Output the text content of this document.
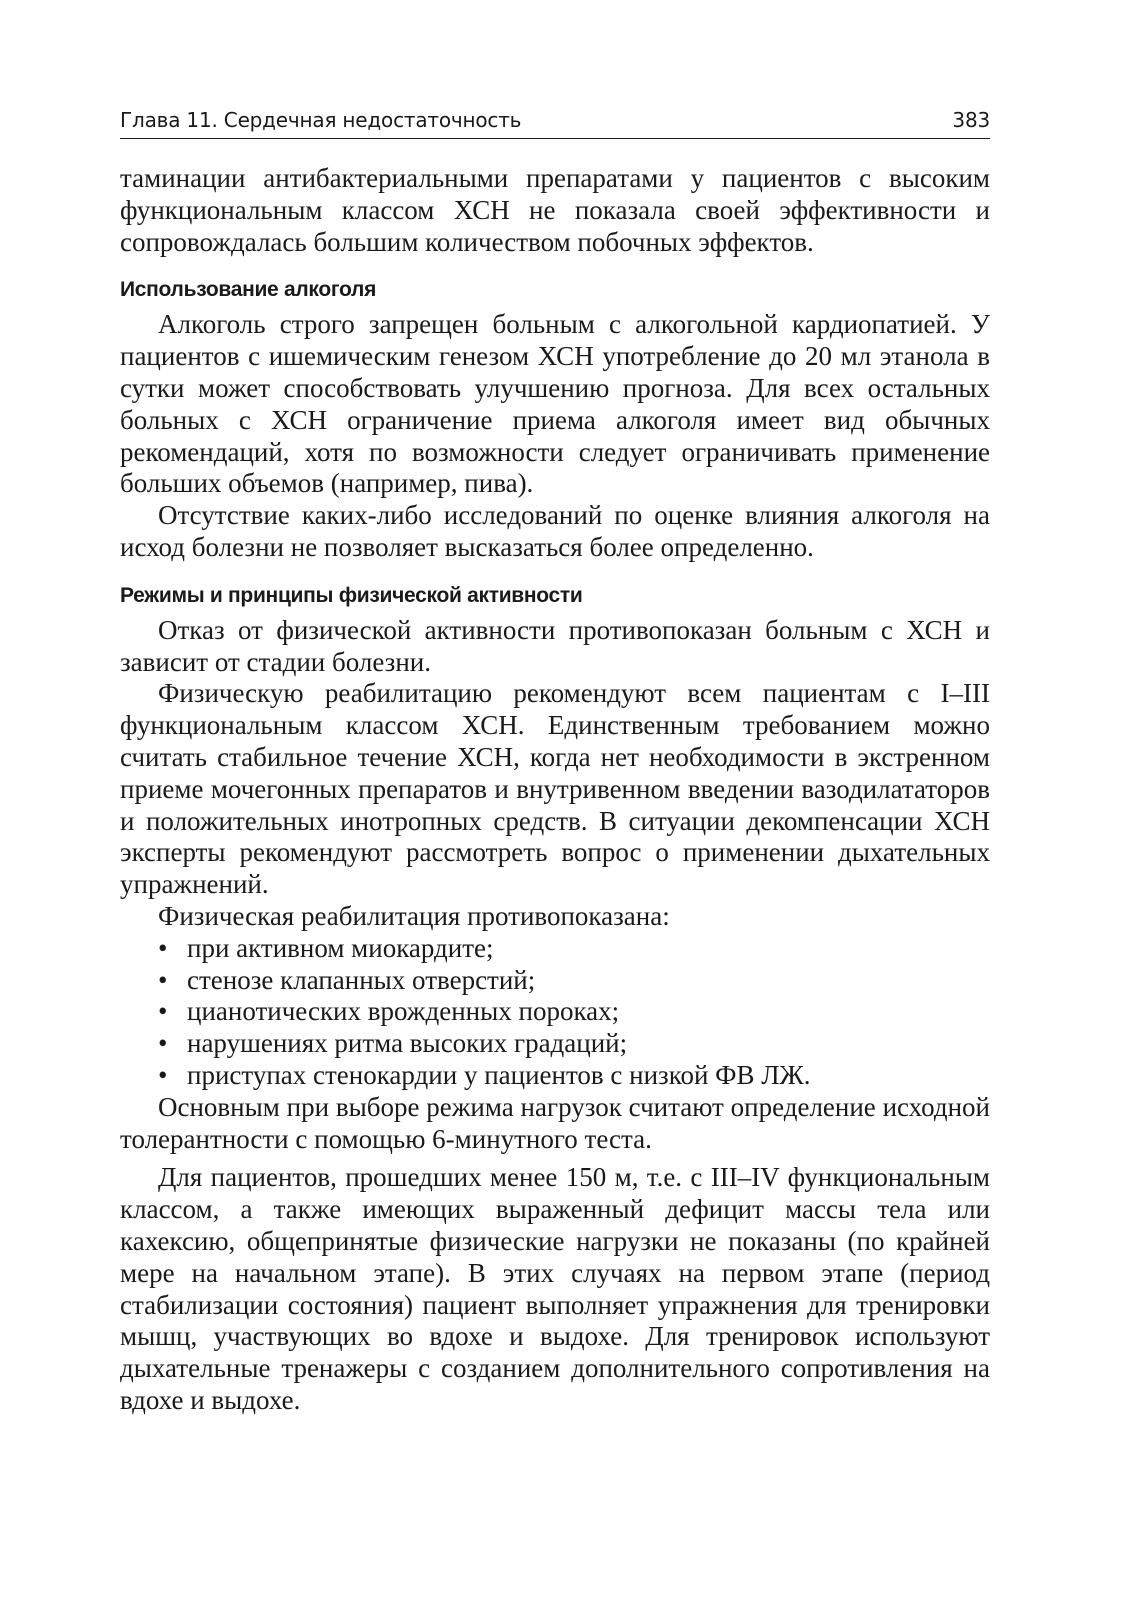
Глава 11. Сердечная недостаточность	383

таминации антибактериальными препаратами у пациентов с высоким функциональным классом ХСН не показала своей эффективности и сопровождалась большим количеством побочных эффектов.

Использование алкоголя

Алкоголь строго запрещен больным с алкогольной кардиопатией. У пациентов с ишемическим генезом ХСН употребление до 20 мл этанола в сутки может способствовать улучшению прогноза. Для всех остальных больных с ХСН ограничение приема алкоголя имеет вид обычных рекомендаций, хотя по возможности следует ограничивать применение больших объемов (например, пива).

Отсутствие каких-либо исследований по оценке влияния алкоголя на исход болезни не позволяет высказаться более определенно.

Режимы и принципы физической активности

Отказ от физической активности противопоказан больным с ХСН и зависит от стадии болезни.

Физическую реабилитацию рекомендуют всем пациентам с I–III функциональным классом ХСН. Единственным требованием можно считать стабильное течение ХСН, когда нет необходимости в экстренном приеме мочегонных препаратов и внутривенном введении вазодилататоров и положительных инотропных средств. В ситуации декомпенсации ХСН эксперты рекомендуют рассмотреть вопрос о применении дыхательных упражнений.

Физическая реабилитация противопоказана:

• при активном миокардите;
• стенозе клапанных отверстий;
• цианотических врожденных пороках;
• нарушениях ритма высоких градаций;
• приступах стенокардии у пациентов с низкой ФВ ЛЖ.

Основным при выборе режима нагрузок считают определение исходной толерантности с помощью 6-минутного теста.

Для пациентов, прошедших менее 150 м, т.е. с III–IV функциональным классом, а также имеющих выраженный дефицит массы тела или кахексию, общепринятые физические нагрузки не показаны (по крайней мере на начальном этапе). В этих случаях на первом этапе (период стабилизации состояния) пациент выполняет упражнения для тренировки мышц, участвующих во вдохе и выдохе. Для тренировок используют дыхательные тренажеры с созданием дополнительного сопротивления на вдохе и выдохе.
